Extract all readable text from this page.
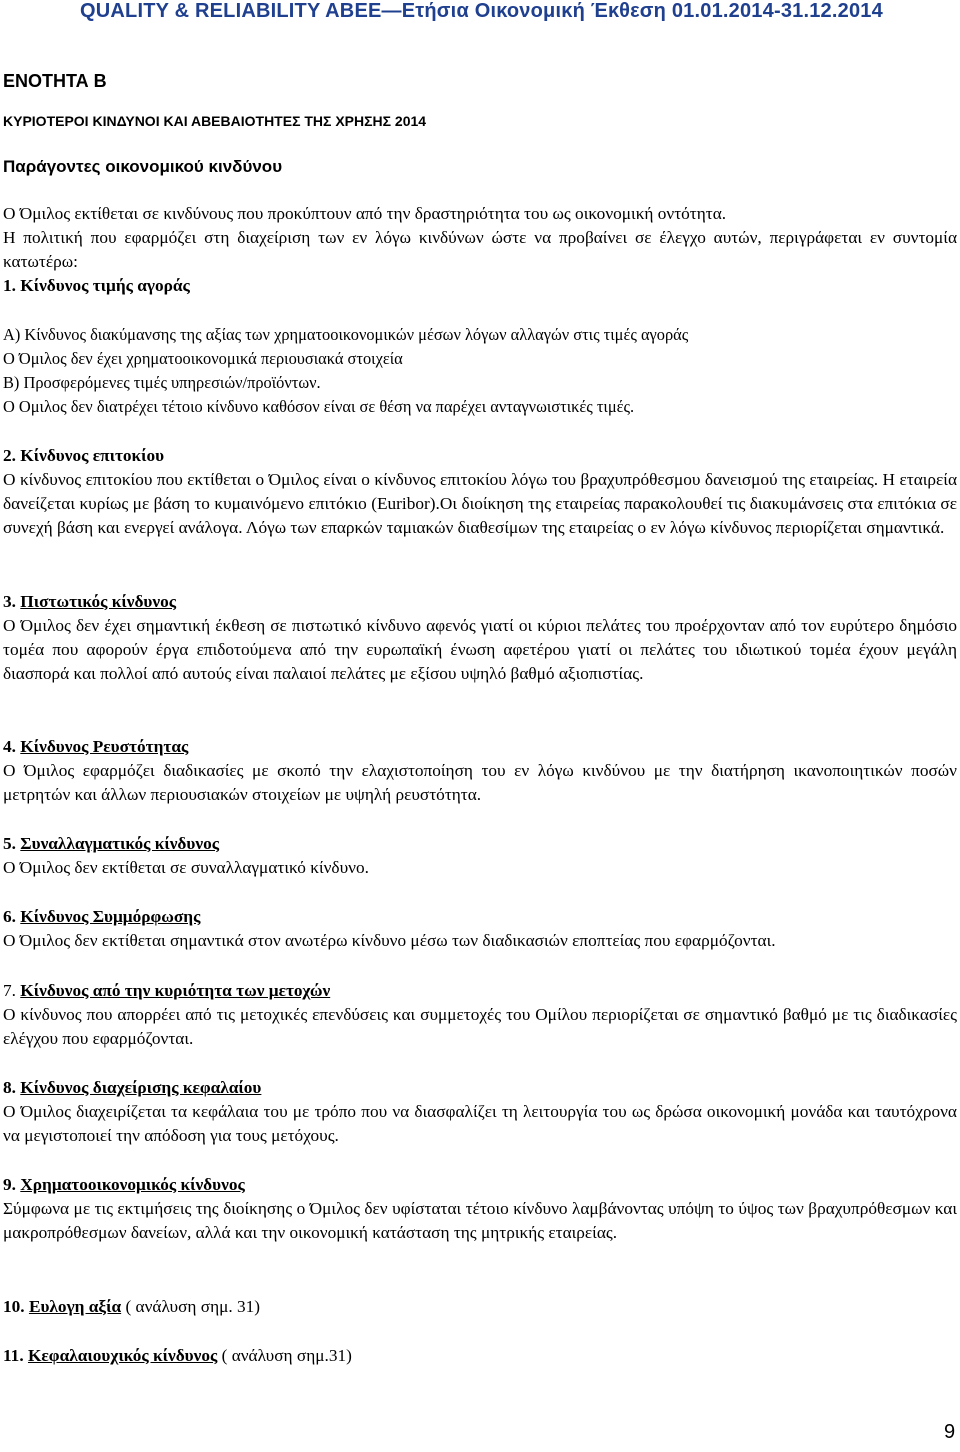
QUALITY & RELIABILITY ABEE—Ετήσια Οικονομική Έκθεση 01.01.2014-31.12.2014
ΕΝΟΤΗΤΑ Β
ΚΥΡΙΟΤΕΡΟΙ ΚΙΝΔΥΝΟΙ ΚΑΙ ΑΒΕΒΑΙΟΤΗΤΕΣ ΤΗΣ ΧΡΗΣΗΣ 2014
Παράγοντες οικονομικού κινδύνου
Ο Όμιλος εκτίθεται σε κινδύνους που προκύπτουν από την δραστηριότητα του ως οικονομική οντότητα.
Η πολιτική που εφαρμόζει στη διαχείριση των εν λόγω κινδύνων ώστε να προβαίνει σε έλεγχο αυτών, περιγράφεται εν συντομία κατωτέρω:
1. Κίνδυνος τιμής αγοράς
Α) Κίνδυνος διακύμανσης της αξίας των χρηματοοικονομικών μέσων λόγων αλλαγών στις τιμές αγοράς
Ο Όμιλος δεν έχει χρηματοοικονομικά περιουσιακά στοιχεία
Β) Προσφερόμενες τιμές υπηρεσιών/προϊόντων.
Ο Ομιλος δεν διατρέχει τέτοιο κίνδυνο καθόσον είναι σε θέση να παρέχει ανταγνωιστικές τιμές.
2. Κίνδυνος επιτοκίου
Ο κίνδυνος επιτοκίου που εκτίθεται ο Όμιλος είναι ο κίνδυνος επιτοκίου λόγω του βραχυπρόθεσμου δανεισμού της εταιρείας. Η εταιρεία δανείζεται κυρίως με βάση το κυμαινόμενο επιτόκιο (Euribor).Οι διοίκηση της εταιρείας παρακολουθεί τις διακυμάνσεις στα επιτόκια σε συνεχή βάση και ενεργεί ανάλογα. Λόγω των επαρκών ταμιακών διαθεσίμων της εταιρείας ο εν λόγω κίνδυνος περιορίζεται σημαντικά.
3. Πιστωτικός κίνδυνος
Ο Όμιλος δεν έχει σημαντική έκθεση σε πιστωτικό κίνδυνο αφενός γιατί οι κύριοι πελάτες του προέρχονταν από τον ευρύτερο δημόσιο τομέα που αφορούν έργα επιδοτούμενα από την ευρωπαϊκή ένωση αφετέρου γιατί οι πελάτες του ιδιωτικού τομέα έχουν μεγάλη διασπορά και πολλοί από αυτούς είναι παλαιοί πελάτες με εξίσου υψηλό βαθμό αξιοπιστίας.
4. Κίνδυνος Ρευστότητας
Ο Όμιλος εφαρμόζει διαδικασίες με σκοπό την ελαχιστοποίηση του εν λόγω κινδύνου με την διατήρηση ικανοποιητικών ποσών μετρητών και άλλων περιουσιακών στοιχείων με υψηλή ρευστότητα.
5. Συναλλαγματικός κίνδυνος
Ο Όμιλος δεν εκτίθεται σε συναλλαγματικό κίνδυνο.
6. Κίνδυνος Συμμόρφωσης
Ο Όμιλος δεν εκτίθεται σημαντικά στον ανωτέρω κίνδυνο μέσω των διαδικασιών εποπτείας που εφαρμόζονται.
7. Κίνδυνος από την κυριότητα των μετοχών
Ο κίνδυνος που απορρέει από τις μετοχικές επενδύσεις και συμμετοχές του Ομίλου περιορίζεται σε σημαντικό βαθμό με τις διαδικασίες ελέγχου που εφαρμόζονται.
8. Κίνδυνος διαχείρισης κεφαλαίου
Ο Όμιλος διαχειρίζεται τα κεφάλαια του με τρόπο που να διασφαλίζει τη λειτουργία του ως δρώσα οικονομική μονάδα και ταυτόχρονα να μεγιστοποιεί την απόδοση για τους μετόχους.
9. Χρηματοοικονομικός κίνδυνος
Σύμφωνα με τις εκτιμήσεις της διοίκησης ο Όμιλος δεν υφίσταται τέτοιο κίνδυνο λαμβάνοντας υπόψη το ύψος των βραχυπρόθεσμων και μακροπρόθεσμων δανείων, αλλά και την οικονομική κατάσταση της μητρικής εταιρείας.
10. Ευλογη αξία ( ανάλυση σημ. 31)
11. Κεφαλαιουχικός κίνδυνος ( ανάλυση σημ.31)
9
